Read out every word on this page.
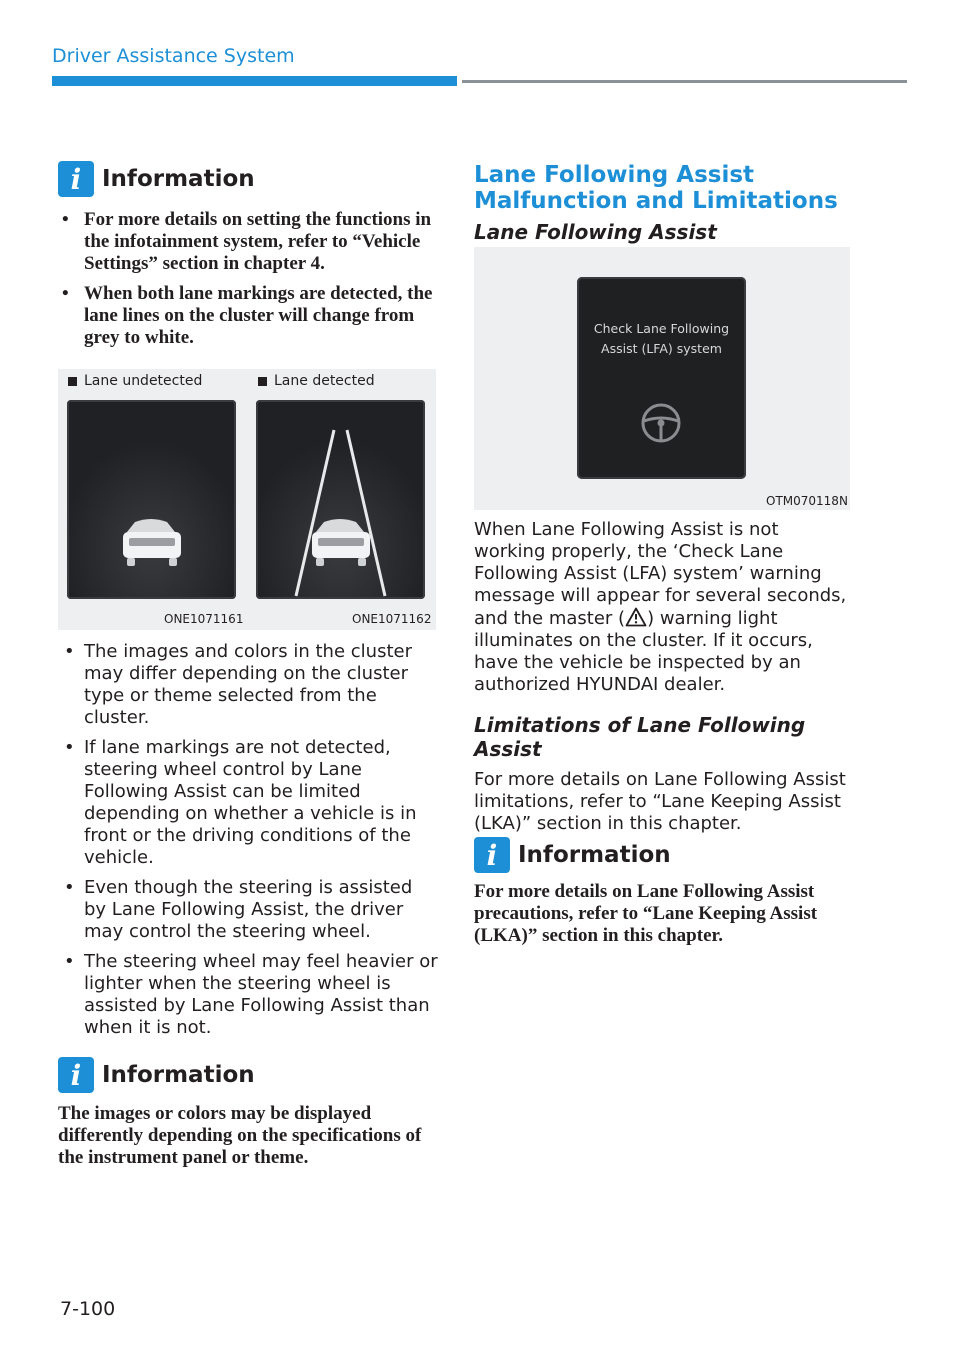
Driver Assistance System
i Information
• For more details on setting the functions in the infotainment system, refer to “Vehicle Settings” section in chapter 4.
• When both lane markings are detected, the lane lines on the cluster will change from grey to white.
Lane undetected	Lane detected
ONE1071161	ONE1071162
• The images and colors in the cluster may differ depending on the cluster type or theme selected from the cluster.
• If lane markings are not detected, steering wheel control by Lane Following Assist can be limited depending on whether a vehicle is in front or the driving conditions of the vehicle.
• Even though the steering is assisted by Lane Following Assist, the driver may control the steering wheel.
• The steering wheel may feel heavier or lighter when the steering wheel is assisted by Lane Following Assist than when it is not.
i Information
The images or colors may be displayed differently depending on the specifications of the instrument panel or theme.
Lane Following Assist
Malfunction and Limitations
Lane Following Assist
Check Lane Following
Assist (LFA) system
OTM070118N
When Lane Following Assist is not working properly, the ‘Check Lane Following Assist (LFA) system’ warning message will appear for several seconds, and the master ( ) warning light illuminates on the cluster. If it occurs, have the vehicle be inspected by an authorized HYUNDAI dealer.
Limitations of Lane Following Assist
For more details on Lane Following Assist limitations, refer to “Lane Keeping Assist (LKA)” section in this chapter.
i Information
For more details on Lane Following Assist precautions, refer to “Lane Keeping Assist (LKA)” section in this chapter.
7-100
